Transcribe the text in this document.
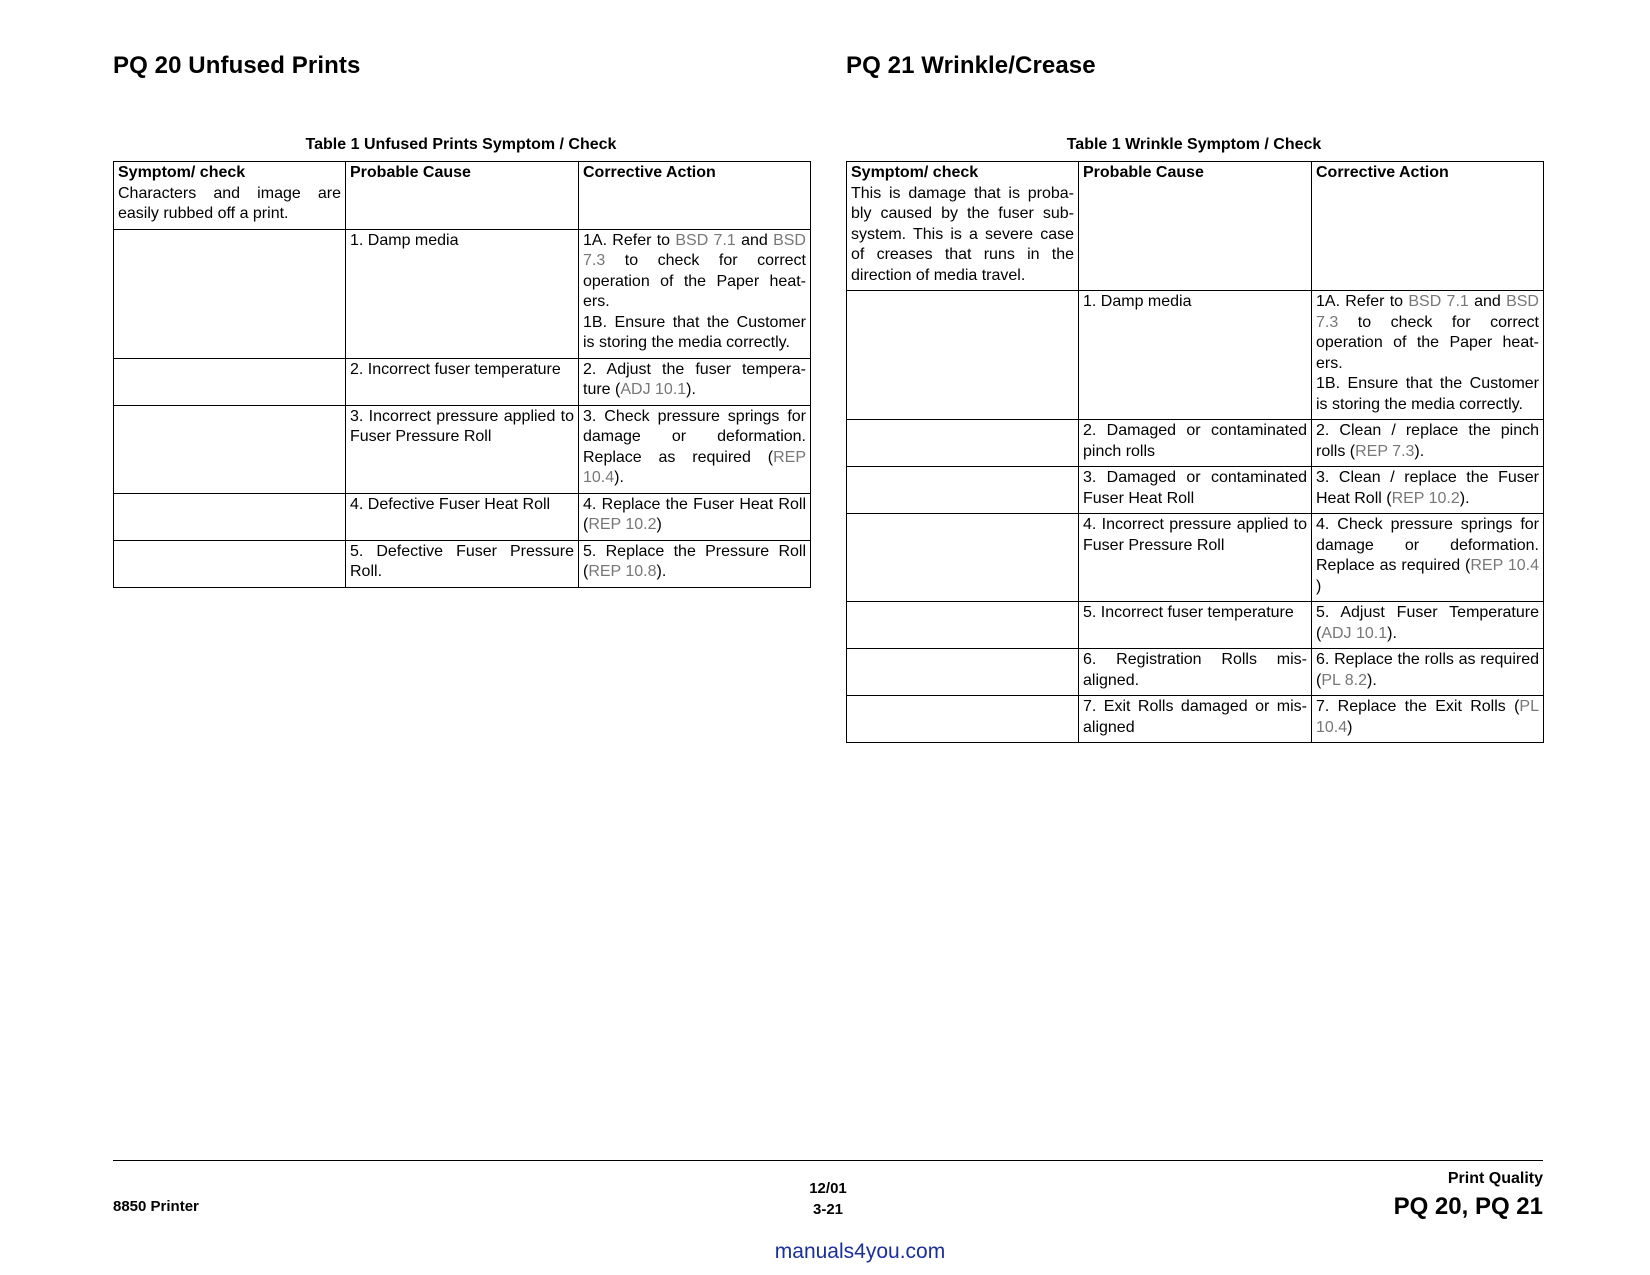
PQ 20 Unfused Prints	PQ 21 Wrinkle/Crease
Table 1 Unfused Prints Symptom / Check	Table 1 Wrinkle Symptom / Check
Symptom/ check
Characters and image are easily rubbed off a print.	Probable Cause	Corrective Action
	1. Damp media	1A. Refer to BSD 7.1 and BSD 7.3 to check for correct operation of the Paper heat-ers.
1B. Ensure that the Customer is storing the media correctly.
	2. Incorrect fuser temperature	2. Adjust the fuser tempera-ture (ADJ 10.1).
	3. Incorrect pressure applied to Fuser Pressure Roll	3. Check pressure springs for damage or deformation. Replace as required (REP 10.4).
	4. Defective Fuser Heat Roll	4. Replace the Fuser Heat Roll (REP 10.2)
	5. Defective Fuser Pressure Roll.	5. Replace the Pressure Roll (REP 10.8).
Symptom/ check
This is damage that is proba-bly caused by the fuser sub-system. This is a severe case of creases that runs in the direction of media travel.	Probable Cause	Corrective Action
	1. Damp media	1A. Refer to BSD 7.1 and BSD 7.3 to check for correct operation of the Paper heat-ers.
1B. Ensure that the Customer is storing the media correctly.
	2. Damaged or contaminated pinch rolls	2. Clean / replace the pinch rolls (REP 7.3).
	3. Damaged or contaminated Fuser Heat Roll	3. Clean / replace the Fuser Heat Roll (REP 10.2).
	4. Incorrect pressure applied to Fuser Pressure Roll	4. Check pressure springs for damage or deformation. Replace as required (REP 10.4 )
	5. Incorrect fuser temperature	5. Adjust Fuser Temperature (ADJ 10.1).
	6. Registration Rolls mis-aligned.	6. Replace the rolls as required (PL 8.2).
	7. Exit Rolls damaged or mis-aligned	7. Replace the Exit Rolls (PL 10.4)
8850 Printer
12/01
3-21
Print Quality
PQ 20, PQ 21
manuals4you.com
